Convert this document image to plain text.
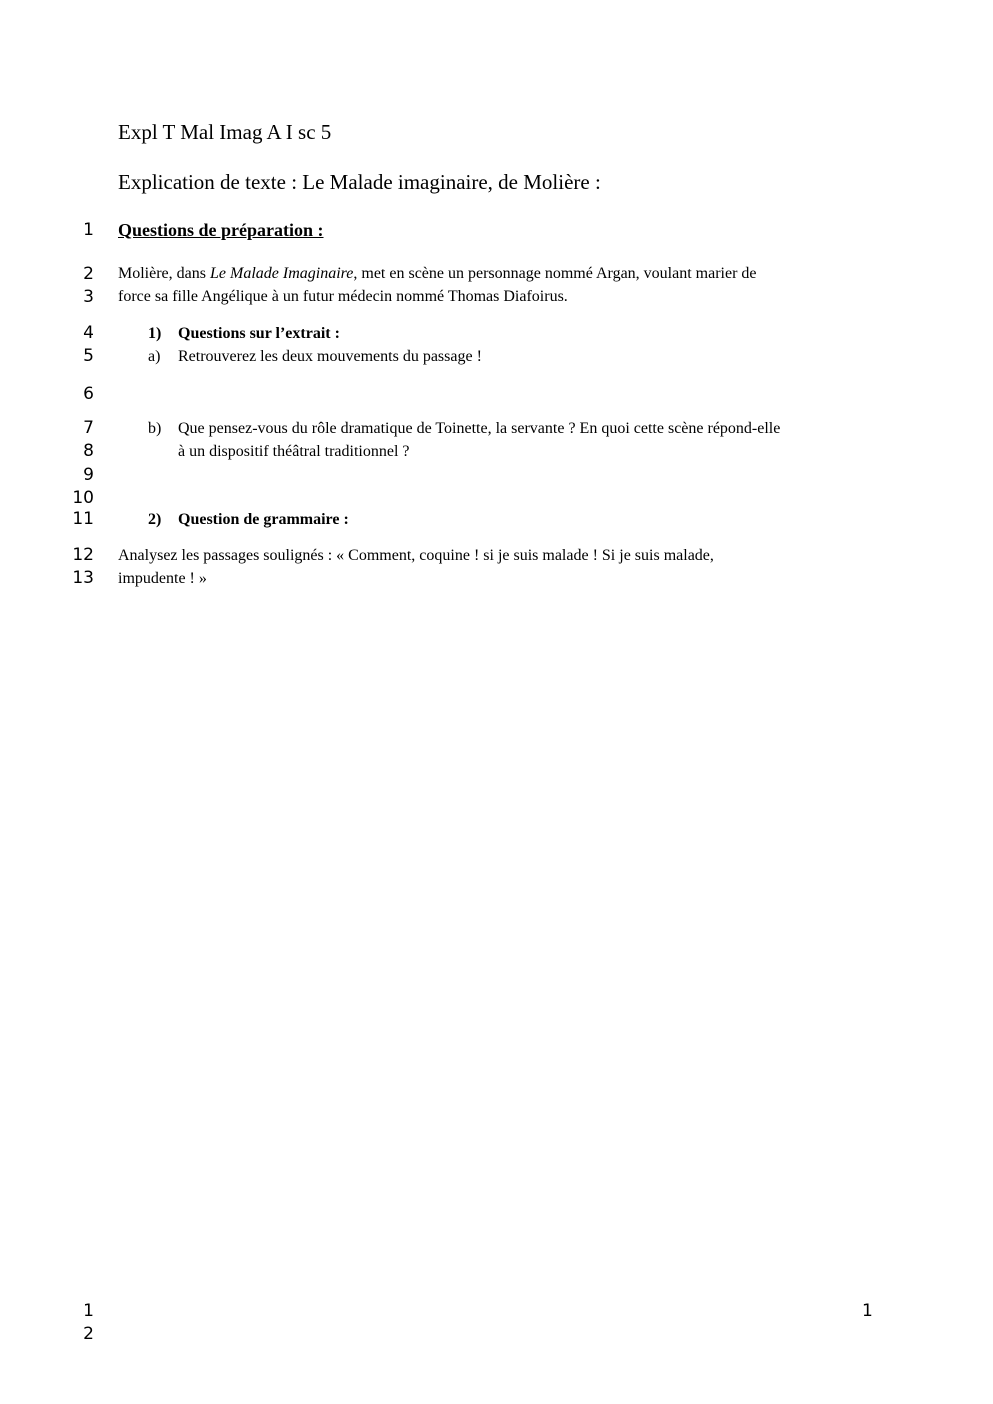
Expl T Mal Imag A I sc 5
Explication de texte : Le Malade imaginaire, de Molière :
1
2
3
4
5
6
7
8
9
10
11
12
13
Questions de préparation :
Molière, dans Le Malade Imaginaire, met en scène un personnage nommé Argan, voulant marier de
force sa fille Angélique à un futur médecin nommé Thomas Diafoirus.
1) Questions sur l’extrait :
a) Retrouverez les deux mouvements du passage !
b) Que pensez-vous du rôle dramatique de Toinette, la servante ? En quoi cette scène répond-elle
à un dispositif théâtral traditionnel ?
2) Question de grammaire :
Analysez les passages soulignés : « Comment, coquine ! si je suis malade ! Si je suis malade,
impudente ! »
1
2
1
